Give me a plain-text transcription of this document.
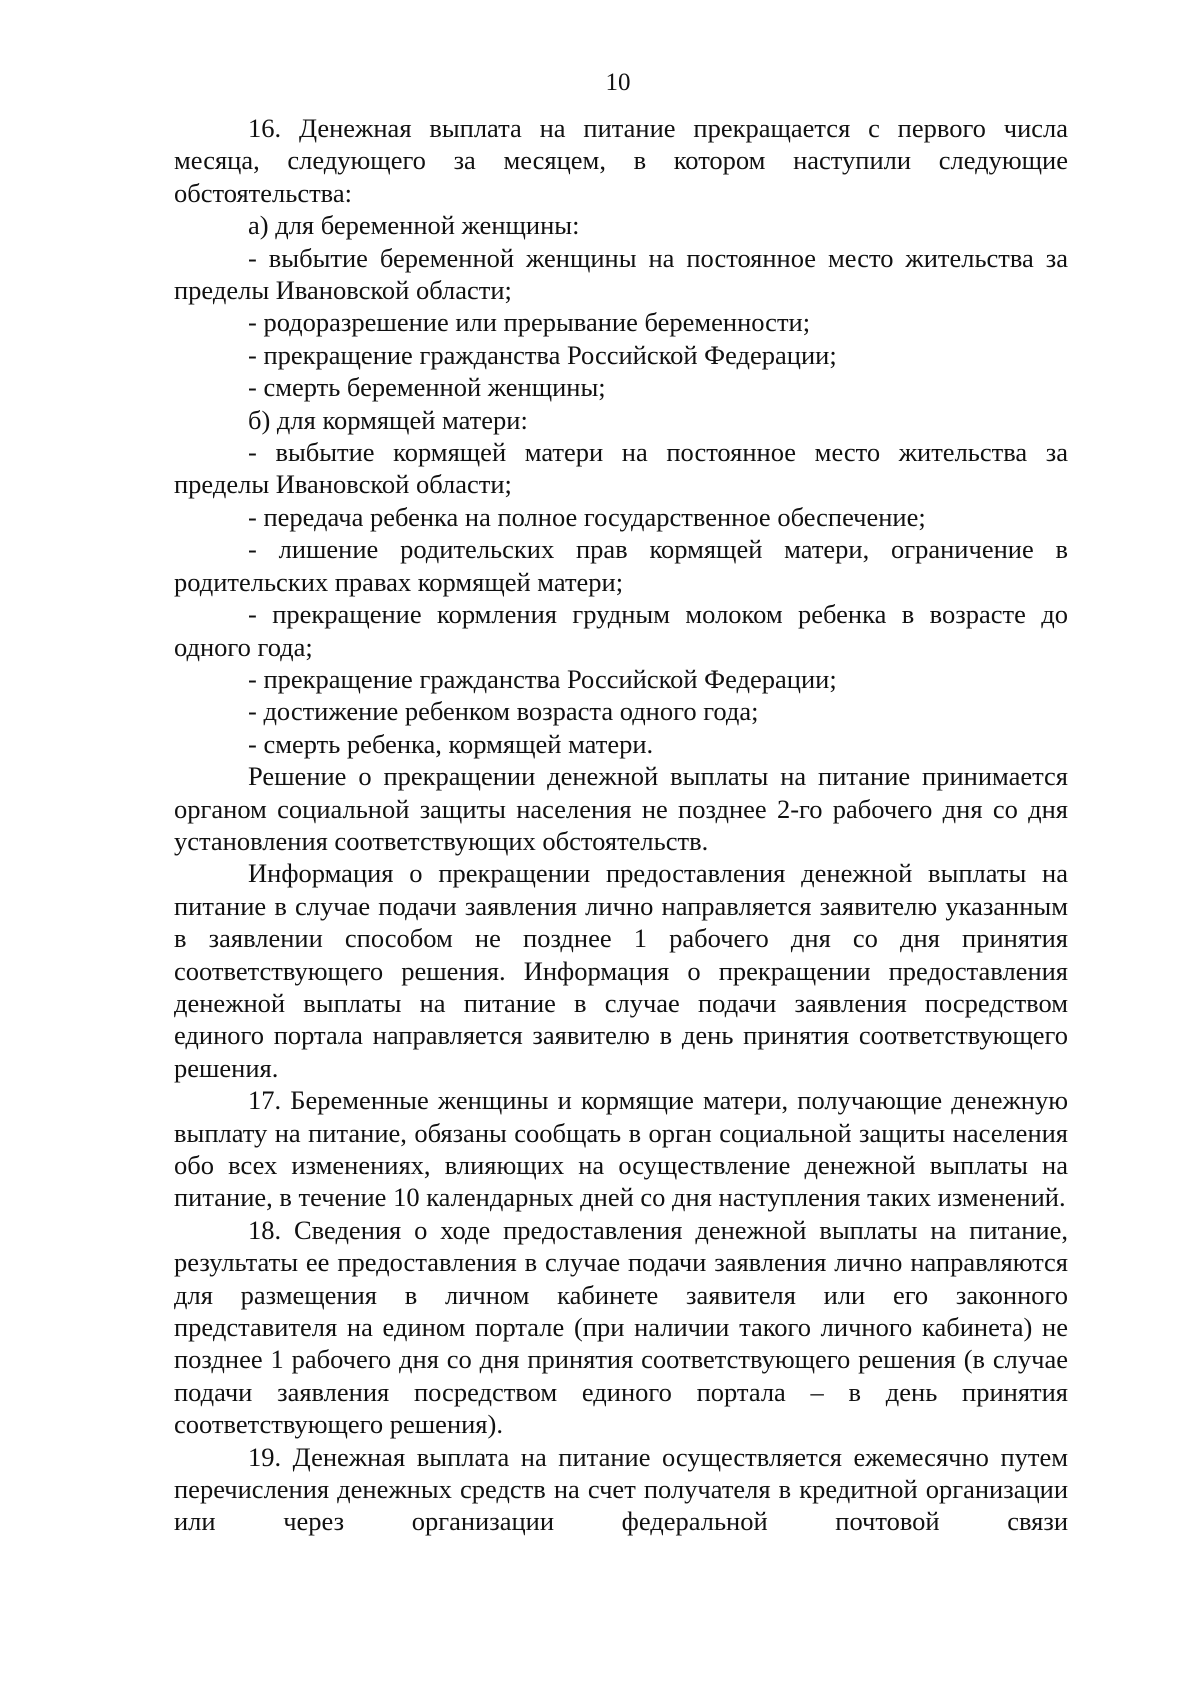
10

16. Денежная выплата на питание прекращается с первого числа месяца, следующего за месяцем, в котором наступили следующие обстоятельства:

а) для беременной женщины:

- выбытие беременной женщины на постоянное место жительства за пределы Ивановской области;

- родоразрешение или прерывание беременности;

- прекращение гражданства Российской Федерации;

- смерть беременной женщины;

б) для кормящей матери:

- выбытие кормящей матери на постоянное место жительства за пределы Ивановской области;

- передача ребенка на полное государственное обеспечение;

- лишение родительских прав кормящей матери, ограничение в родительских правах кормящей матери;

- прекращение кормления грудным молоком ребенка в возрасте до одного года;

- прекращение гражданства Российской Федерации;

- достижение ребенком возраста одного года;

- смерть ребенка, кормящей матери.

Решение о прекращении денежной выплаты на питание принимается органом социальной защиты населения не позднее 2-го рабочего дня со дня установления соответствующих обстоятельств.

Информация о прекращении предоставления денежной выплаты на питание в случае подачи заявления лично направляется заявителю указанным в заявлении способом не позднее 1 рабочего дня со дня принятия соответствующего решения. Информация о прекращении предоставления денежной выплаты на питание в случае подачи заявления посредством единого портала направляется заявителю в день принятия соответствующего решения.

17. Беременные женщины и кормящие матери, получающие денежную выплату на питание, обязаны сообщать в орган социальной защиты населения обо всех изменениях, влияющих на осуществление денежной выплаты на питание, в течение 10 календарных дней со дня наступления таких изменений.

18. Сведения о ходе предоставления денежной выплаты на питание, результаты ее предоставления в случае подачи заявления лично направляются для размещения в личном кабинете заявителя или его законного представителя на едином портале (при наличии такого личного кабинета) не позднее 1 рабочего дня со дня принятия соответствующего решения (в случае подачи заявления посредством единого портала – в день принятия соответствующего решения).

19. Денежная выплата на питание осуществляется ежемесячно путем перечисления денежных средств на счет получателя в кредитной организации или через организации федеральной почтовой связи
